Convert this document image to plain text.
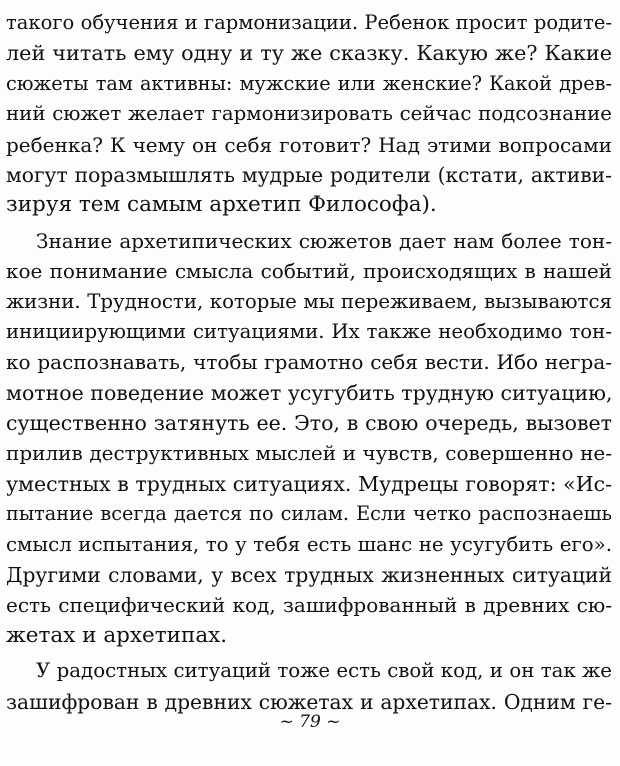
такого обучения и гармонизации. Ребенок просит родите-
лей читать ему одну и ту же сказку. Какую же? Какие
сюжеты там активны: мужские или женские? Какой древ-
ний сюжет желает гармонизировать сейчас подсознание
ребенка? К чему он себя готовит? Над этими вопросами
могут поразмышлять мудрые родители (кстати, активи-
зируя тем самым архетип Философа).
Знание архетипических сюжетов дает нам более тон-
кое понимание смысла событий, происходящих в нашей
жизни. Трудности, которые мы переживаем, вызываются
инициирующими ситуациями. Их также необходимо тон-
ко распознавать, чтобы грамотно себя вести. Ибо негра-
мотное поведение может усугубить трудную ситуацию,
существенно затянуть ее. Это, в свою очередь, вызовет
прилив деструктивных мыслей и чувств, совершенно не-
уместных в трудных ситуациях. Мудрецы говорят: «Ис-
пытание всегда дается по силам. Если четко распознаешь
смысл испытания, то у тебя есть шанс не усугубить его».
Другими словами, у всех трудных жизненных ситуаций
есть специфический код, зашифрованный в древних сю-
жетах и архетипах.
У радостных ситуаций тоже есть свой код, и он так же
зашифрован в древних сюжетах и архетипах. Одним ге-
~ 79 ~
